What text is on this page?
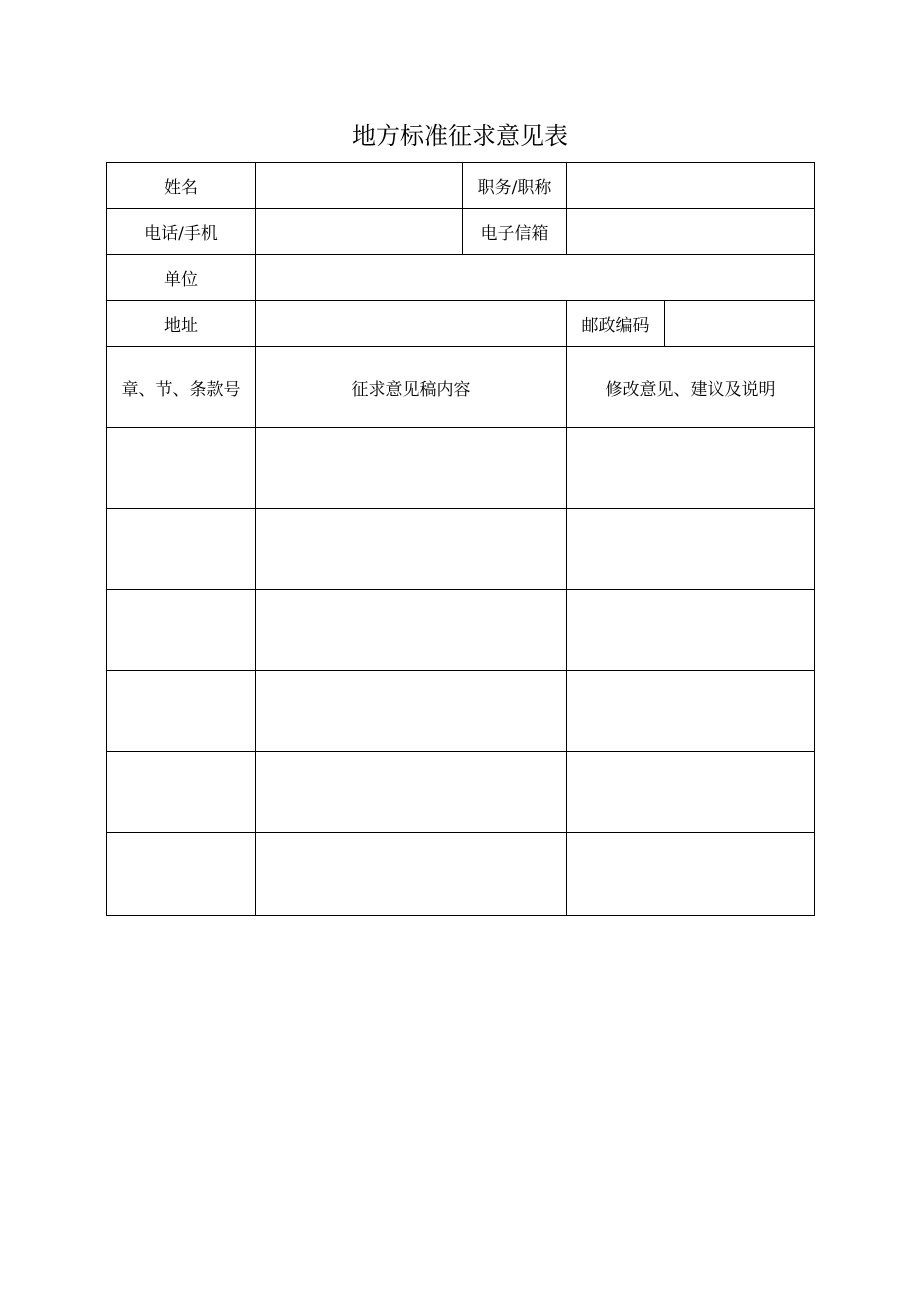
地方标准征求意见表
姓名		职务/职称		
电话/手机		电子信箱		
单位				
地址			邮政编码	
章、节、条款号	征求意见稿内容		修改意见、建议及说明	
